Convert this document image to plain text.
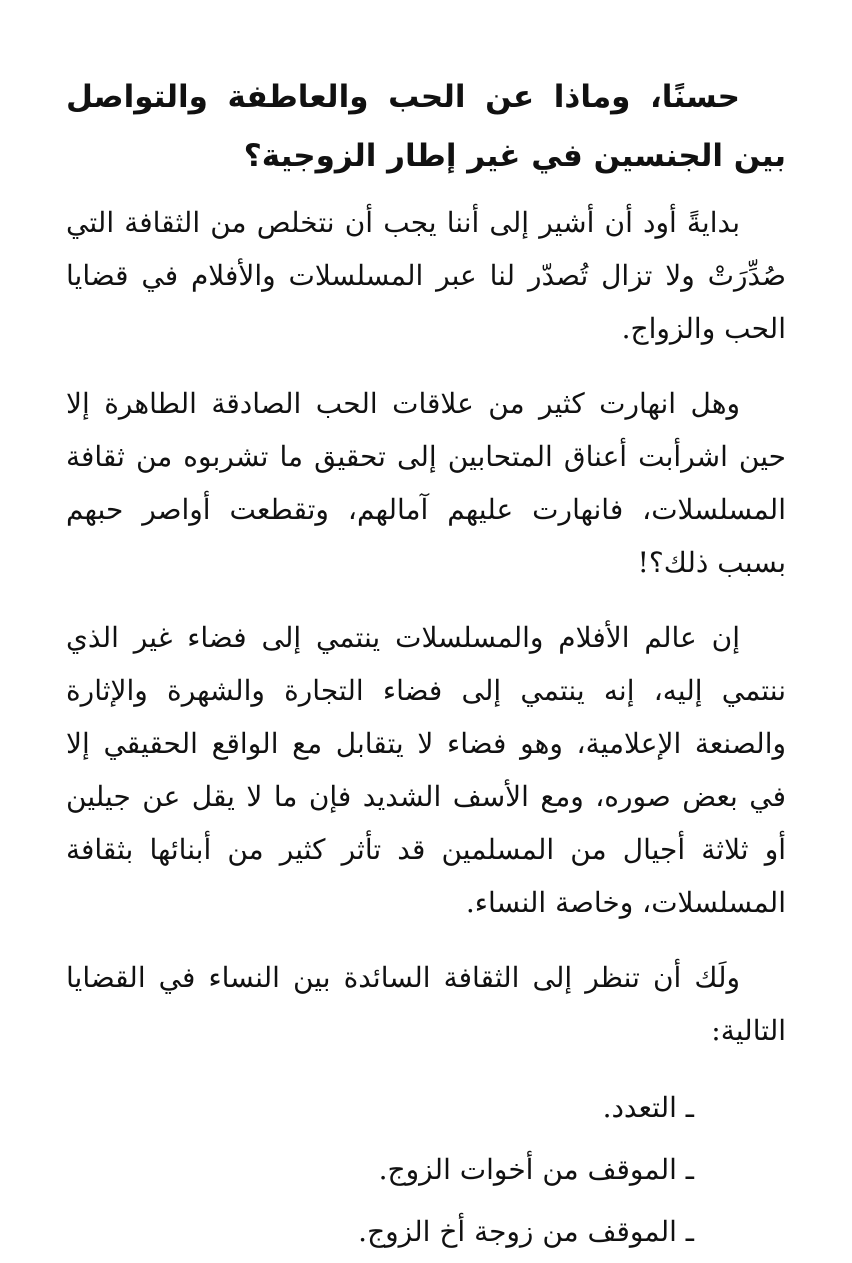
حسنًا، وماذا عن الحب والعاطفة والتواصل بين الجنسين في غير إطار الزوجية؟

بدايةً أود أن أشير إلى أننا يجب أن نتخلص من الثقافة التي صُدِّرَتْ ولا تزال تُصدّر لنا عبر المسلسلات والأفلام في قضايا الحب والزواج.

وهل انهارت كثير من علاقات الحب الصادقة الطاهرة إلا حين اشرأبت أعناق المتحابين إلى تحقيق ما تشربوه من ثقافة المسلسلات، فانهارت عليهم آمالهم، وتقطعت أواصر حبهم بسبب ذلك؟!

إن عالم الأفلام والمسلسلات ينتمي إلى فضاء غير الذي ننتمي إليه، إنه ينتمي إلى فضاء التجارة والشهرة والإثارة والصنعة الإعلامية، وهو فضاء لا يتقابل مع الواقع الحقيقي إلا في بعض صوره، ومع الأسف الشديد فإن ما لا يقل عن جيلين أو ثلاثة أجيال من المسلمين قد تأثر كثير من أبنائها بثقافة المسلسلات، وخاصة النساء.

ولَك أن تنظر إلى الثقافة السائدة بين النساء في القضايا التالية:

ـ التعدد.
ـ الموقف من أخوات الزوج.
ـ الموقف من زوجة أخ الزوج.
